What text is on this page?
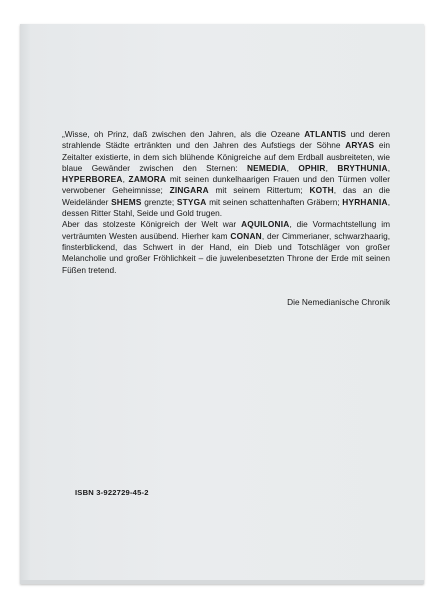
„Wisse, oh Prinz, daß zwischen den Jahren, als die Ozeane ATLANTIS und deren strahlende Städte ertränkten und den Jahren des Aufstiegs der Söhne ARYAS ein Zeitalter existierte, in dem sich blühende Königreiche auf dem Erdball ausbreiteten, wie blaue Gewänder zwischen den Sternen: NEMEDIA, OPHIR, BRYTHUNIA, HYPERBOREA, ZAMORA mit seinen dunkelhaarigen Frauen und den Türmen voller verwobener Geheimnisse; ZINGARA mit seinem Rittertum; KOTH, das an die Weideländer SHEMS grenzte; STYGA mit seinen schattenhaften Gräbern; HYRHANIA, dessen Ritter Stahl, Seide und Gold trugen.

Aber das stolzeste Königreich der Welt war AQUILONIA, die Vormachtstellung im verträumten Westen ausübend. Hierher kam CONAN, der Cimmerianer, schwarzhaarig, finsterblickend, das Schwert in der Hand, ein Dieb und Totschläger von großer Melancholie und großer Fröhlichkeit – die juwelenbesetzten Throne der Erde mit seinen Füßen tretend.

Die Nemedianische Chronik
ISBN 3-922729-45-2
